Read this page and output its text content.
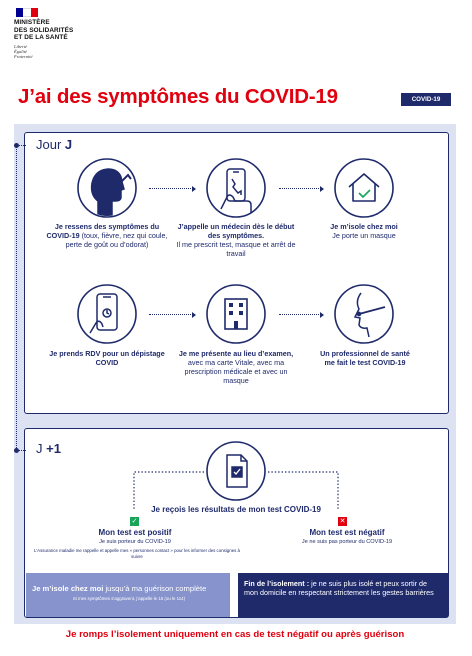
MINISTÈRE
DES SOLIDARITÉS
ET DE LA SANTÉ
Liberté
Égalité
Fraternité
J’ai des symptômes du COVID-19	COVID-19
Jour J
J +1
Je ressens des symptômes du COVID-19 (toux, fièvre, nez qui coule, perte de goût ou d’odorat)
J’appelle un médecin dès le début des symptômes.
Il me prescrit test, masque et arrêt de travail
Je m’isole chez moi
Je porte un masque
Je prends RDV pour un dépistage COVID
Je me présente au lieu d’examen,
avec ma carte Vitale, avec ma prescription médicale et avec un masque
Un professionnel de santé me fait le test COVID-19
Je reçois les résultats de mon test COVID-19
✓	✕
Mon test est positif
Je suis porteur du COVID-19
L’Assurance maladie me rappelle et appelle mes « personnes contact » pour les informer des consignes à suivre
Mon test est négatif
Je ne suis pas porteur du COVID-19
Je m’isole chez moi jusqu’à ma guérison complète
Si mes symptômes s’aggravent, j’appelle le 15 (ou le 114)
Fin de l’isolement : je ne suis plus isolé et peux sortir de mon domicile en respectant strictement les gestes barrières
Je romps l’isolement uniquement en cas de test négatif ou après guérison
